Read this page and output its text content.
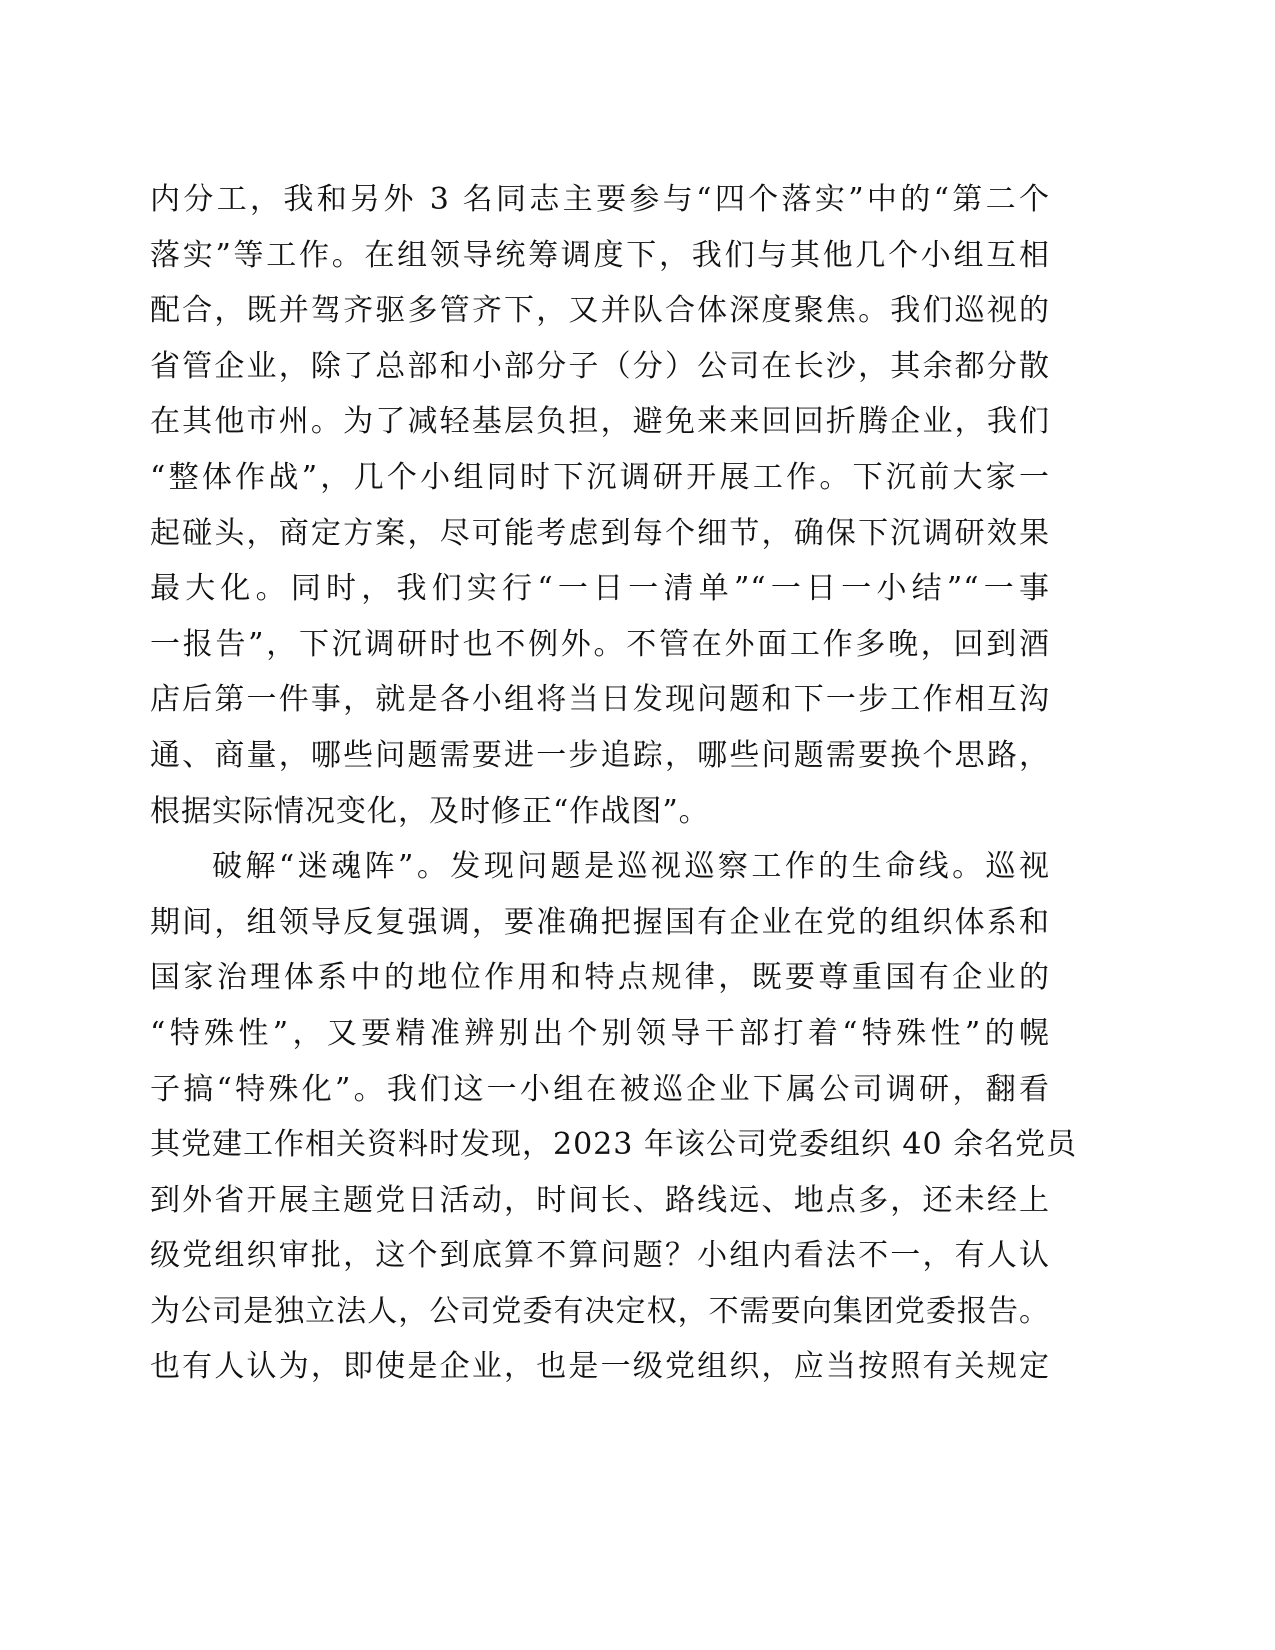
内分工，我和另外 3 名同志主要参与“四个落实”中的“第二个
落实”等工作。在组领导统筹调度下，我们与其他几个小组互相
配合，既并驾齐驱多管齐下，又并队合体深度聚焦。我们巡视的
省管企业，除了总部和小部分子（分）公司在长沙，其余都分散
在其他市州。为了减轻基层负担，避免来来回回折腾企业，我们
“整体作战”，几个小组同时下沉调研开展工作。下沉前大家一
起碰头，商定方案，尽可能考虑到每个细节，确保下沉调研效果
最大化。同时，我们实行“一日一清单”“一日一小结”“一事
一报告”，下沉调研时也不例外。不管在外面工作多晚，回到酒
店后第一件事，就是各小组将当日发现问题和下一步工作相互沟
通、商量，哪些问题需要进一步追踪，哪些问题需要换个思路，
根据实际情况变化，及时修正“作战图”。
破解“迷魂阵”。发现问题是巡视巡察工作的生命线。巡视
期间，组领导反复强调，要准确把握国有企业在党的组织体系和
国家治理体系中的地位作用和特点规律，既要尊重国有企业的
“特殊性”，又要精准辨别出个别领导干部打着“特殊性”的幌
子搞“特殊化”。我们这一小组在被巡企业下属公司调研，翻看
其党建工作相关资料时发现，2023 年该公司党委组织 40 余名党员
到外省开展主题党日活动，时间长、路线远、地点多，还未经上
级党组织审批，这个到底算不算问题？小组内看法不一，有人认
为公司是独立法人，公司党委有决定权，不需要向集团党委报告。
也有人认为，即使是企业，也是一级党组织，应当按照有关规定
